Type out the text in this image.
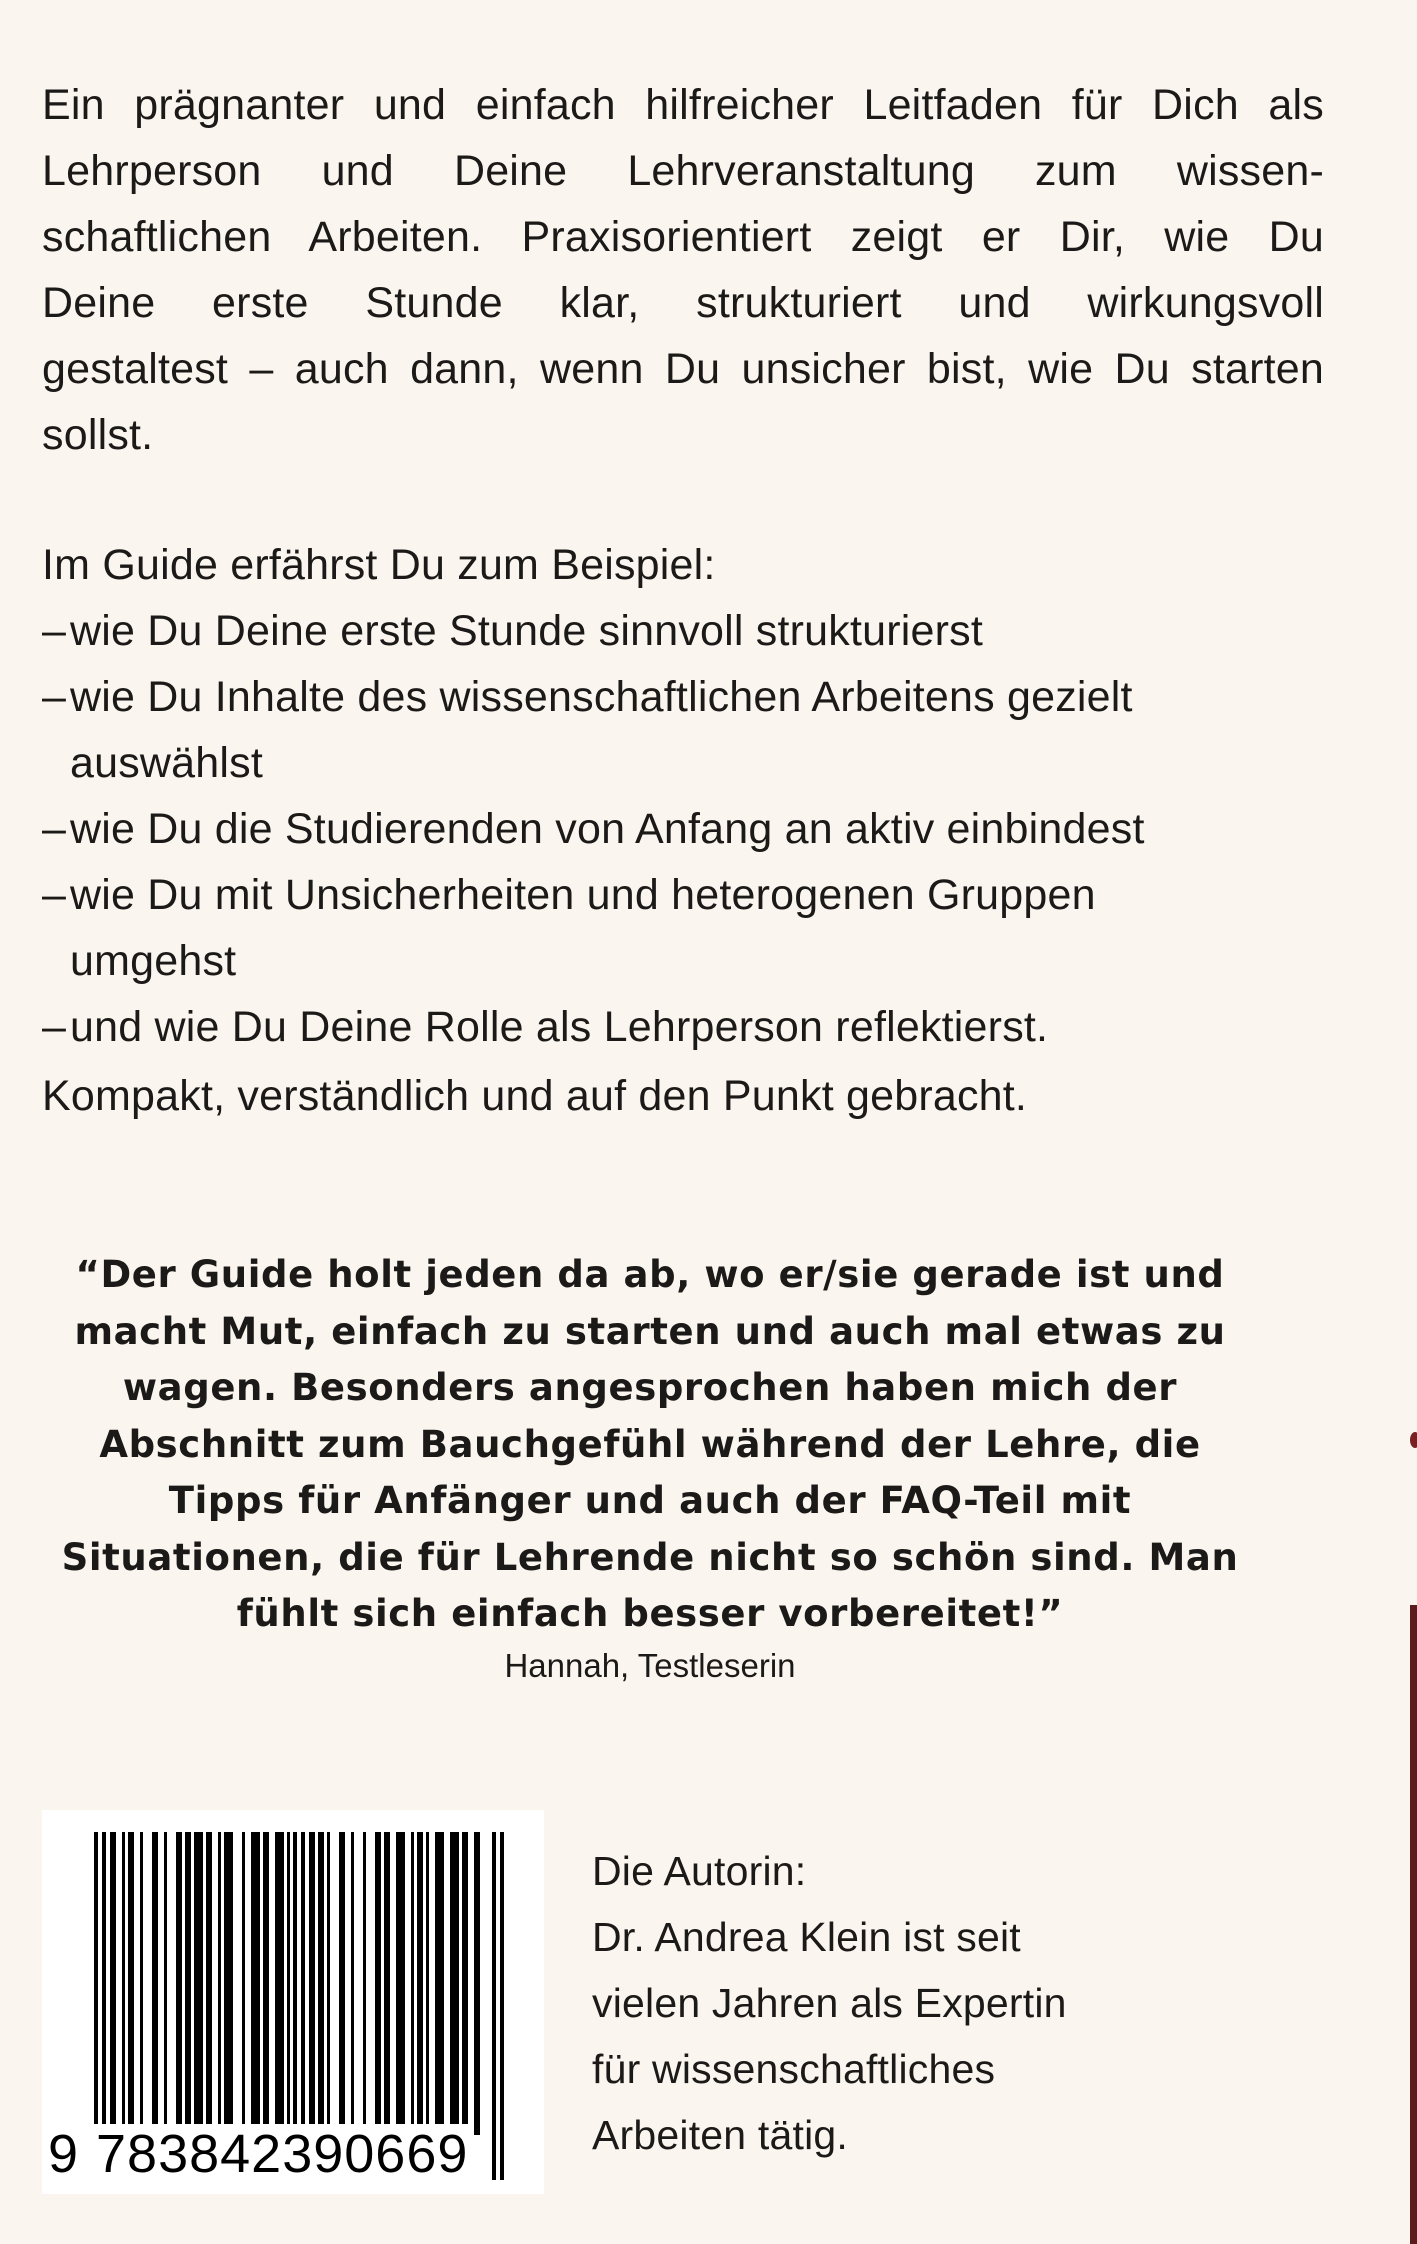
Ein prägnanter und einfach hilfreicher Leitfaden für Dich als
Lehrperson und Deine Lehrveranstaltung zum wissen-
schaftlichen Arbeiten. Praxisorientiert zeigt er Dir, wie Du
Deine erste Stunde klar, strukturiert und wirkungsvoll
gestaltest – auch dann, wenn Du unsicher bist, wie Du starten
sollst.
Im Guide erfährst Du zum Beispiel:
– wie Du Deine erste Stunde sinnvoll strukturierst
– wie Du Inhalte des wissenschaftlichen Arbeitens gezielt
auswählst
– wie Du die Studierenden von Anfang an aktiv einbindest
– wie Du mit Unsicherheiten und heterogenen Gruppen
umgehst
– und wie Du Deine Rolle als Lehrperson reflektierst.
Kompakt, verständlich und auf den Punkt gebracht.
“Der Guide holt jeden da ab, wo er/sie gerade ist und
macht Mut, einfach zu starten und auch mal etwas zu
wagen. Besonders angesprochen haben mich der
Abschnitt zum Bauchgefühl während der Lehre, die
Tipps für Anfänger und auch der FAQ-Teil mit
Situationen, die für Lehrende nicht so schön sind. Man
fühlt sich einfach besser vorbereitet!”
Hannah, Testleserin
9 783842390669
Die Autorin:
Dr. Andrea Klein ist seit
vielen Jahren als Expertin
für wissenschaftliches
Arbeiten tätig.
